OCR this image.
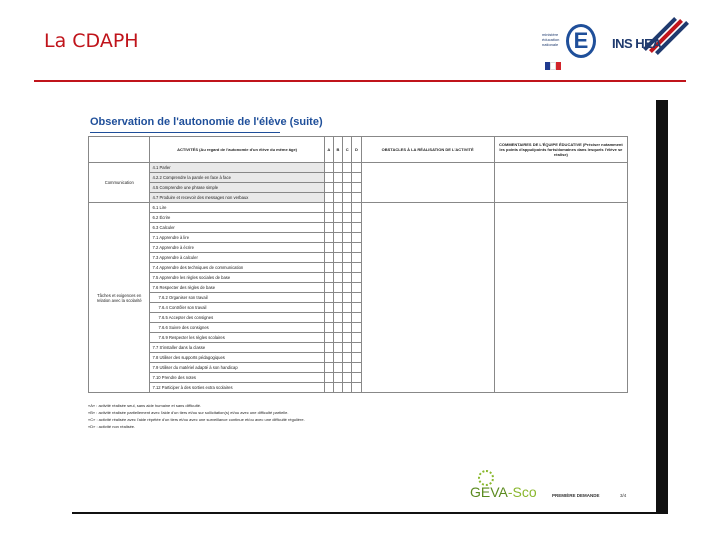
La CDAPH	ministère éducation nationale E	INS HEA
Observation de l'autonomie de l'élève (suite)
	ACTIVITÉS (Au regard de l'autonomie d'un élève du même âge)	A	B	C	D	OBSTACLES À LA RÉALISATION DE L'ACTIVITÉ	COMMENTAIRES DE L'ÉQUIPE ÉDUCATIVE (Préciser notamment les points d'appui/points forts/domaines dans lesquels l'élève se réalise)
Communication	4.1 Parler						
	4.2.2 Comprendre la parole en face à face						
	4.5 Comprendre une phrase simple						
	4.7 Produire et recevoir des messages non verbaux						
Tâches et exigences en relation avec la scolarité	6.1 Lire						
	6.2 Écrire						
	6.3 Calculer						
	7.1 Apprendre à lire						
	7.2 Apprendre à écrire						
	7.3 Apprendre à calculer						
	7.4 Apprendre des techniques de communication						
	7.5 Apprendre les règles sociales de base						
	7.6 Respecter des règles de base						
	7.6.2 Organiser son travail						
	7.6.4 Contrôler son travail						
	7.6.5 Accepter des consignes						
	7.6.6 Suivre des consignes						
	7.6.9 Respecter les règles scolaires						
	7.7 S'installer dans la classe						
	7.8 Utiliser des supports pédagogiques						
	7.9 Utiliser du matériel adapté à son handicap						
	7.10 Prendre des notes						
	7.12 Participer à des sorties extra scolaires						
«A» : activité réalisée seul, sans aide humaine et sans difficulté.
«B» : activité réalisée partiellement avec l'aide d'un tiers et/ou sur sollicitation(s) et/ou avec une difficulté partielle.
«C» : activité réalisée avec l'aide répétée d'un tiers et/ou avec une surveillance continue et/ou avec une difficulté régulière.
«D» : activité non réalisée.
GEVA-Sco	PREMIÈRE DEMANDE	3/4
